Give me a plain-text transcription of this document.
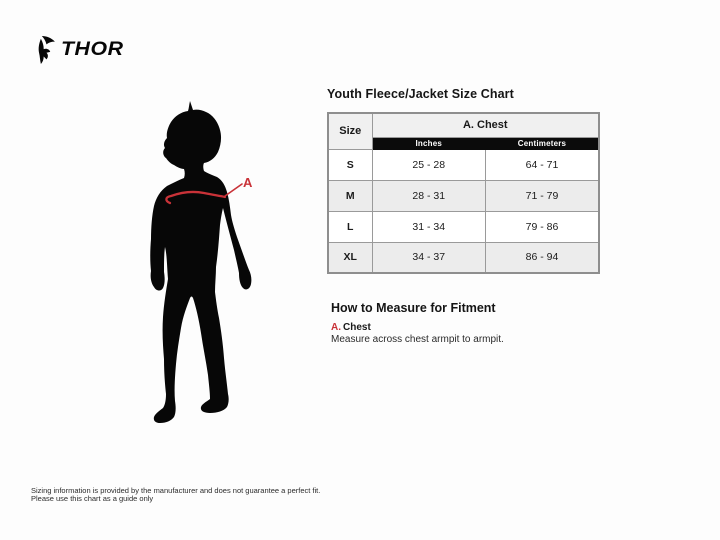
THOR
A
Youth Fleece/Jacket Size Chart
Size	A. Chest	
	Inches	Centimeters
S	25 - 28	64 - 71
M	28 - 31	71 - 79
L	31 - 34	79 - 86
XL	34 - 37	86 - 94
How to Measure for Fitment
A. Chest
Measure across chest armpit to armpit.
Sizing information is provided by the manufacturer and does not guarantee a perfect fit.
Please use this chart as a guide only
